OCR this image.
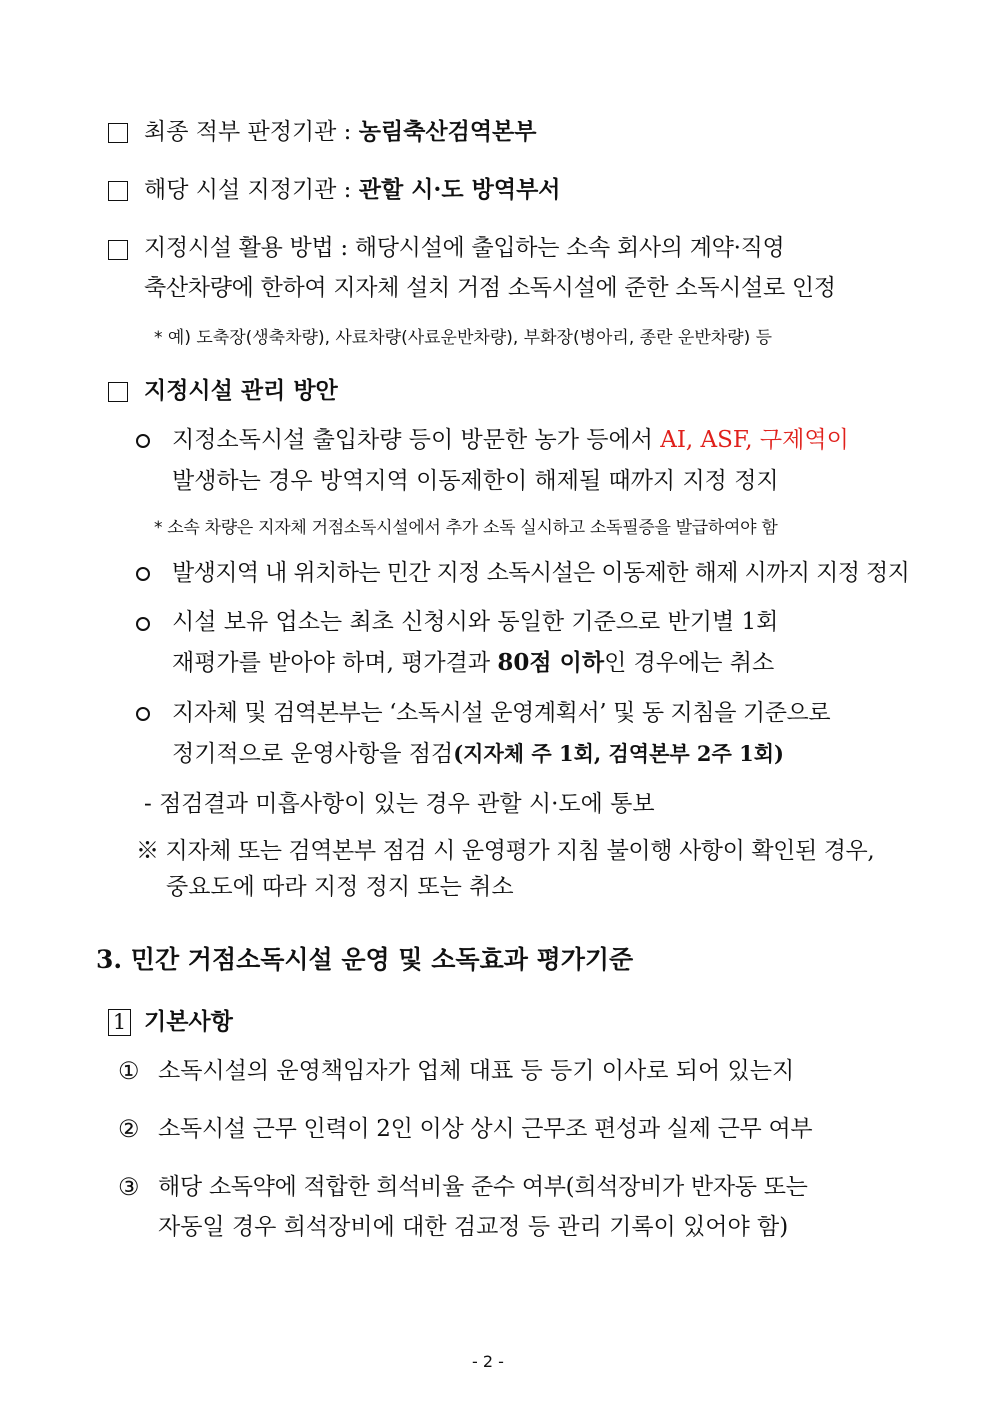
최종 적부 판정기관 : 농림축산검역본부
해당 시설 지정기관 : 관할 시·도 방역부서
지정시설 활용 방법 : 해당시설에 출입하는 소속 회사의 계약·직영
축산차량에 한하여 지자체 설치 거점 소독시설에 준한 소독시설로 인정
* 예) 도축장(생축차량), 사료차량(사료운반차량), 부화장(병아리, 종란 운반차량) 등
지정시설 관리 방안
지정소독시설 출입차량 등이 방문한 농가 등에서 AI, ASF, 구제역이
발생하는 경우 방역지역 이동제한이 해제될 때까지 지정 정지
* 소속 차량은 지자체 거점소독시설에서 추가 소독 실시하고 소독필증을 발급하여야 함
발생지역 내 위치하는 민간 지정 소독시설은 이동제한 해제 시까지 지정 정지
시설 보유 업소는 최초 신청시와 동일한 기준으로 반기별 1회
재평가를 받아야 하며, 평가결과 80점 이하인 경우에는 취소
지자체 및 검역본부는 ‘소독시설 운영계획서’ 및 동 지침을 기준으로
정기적으로 운영사항을 점검(지자체 주 1회, 검역본부 2주 1회)
- 점검결과 미흡사항이 있는 경우 관할 시·도에 통보
※ 지자체 또는 검역본부 점검 시 운영평가 지침 불이행 사항이 확인된 경우,
중요도에 따라 지정 정지 또는 취소
3. 민간 거점소독시설 운영 및 소독효과 평가기준
1 기본사항
① 소독시설의 운영책임자가 업체 대표 등 등기 이사로 되어 있는지
② 소독시설 근무 인력이 2인 이상 상시 근무조 편성과 실제 근무 여부
③ 해당 소독약에 적합한 희석비율 준수 여부(희석장비가 반자동 또는
자동일 경우 희석장비에 대한 검교정 등 관리 기록이 있어야 함)
- 2 -
